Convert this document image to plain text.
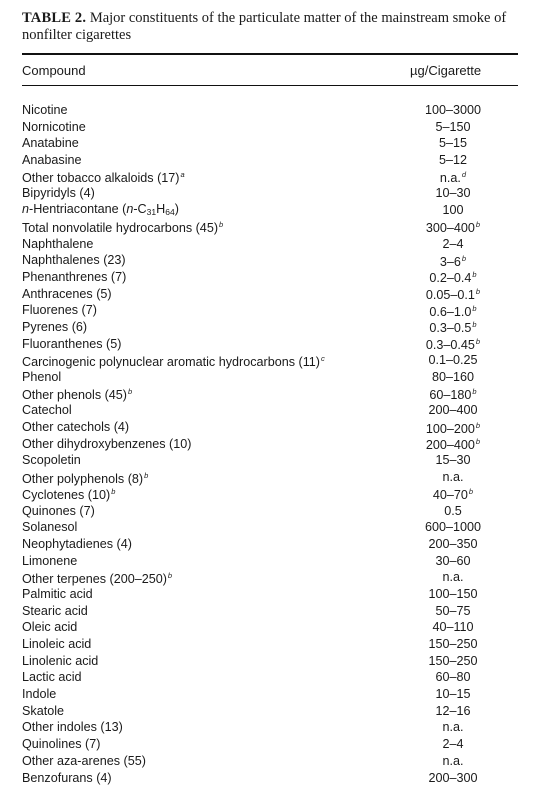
TABLE 2. Major constituents of the particulate matter of the mainstream smoke of nonfilter cigarettes

Compound	µg/Cigarette
Nicotine	100–3000
Nornicotine	5–150
Anatabine	5–15
Anabasine	5–12
Other tobacco alkaloids (17)$^a$	n.a.$^d$
Bipyridyls (4)	10–30
n-Hentriacontane $(n-C_{31}H_{64})$	100
Total nonvolatile hydrocarbons (45)$^b$	300–400$^b$
Naphthalene	2–4
Naphthalenes (23)	3–6$^b$
Phenanthrenes (7)	0.2–0.4$^b$
Anthracenes (5)	0.05–0.1$^b$
Fluorenes (7)	0.6–1.0$^b$
Pyrenes (6)	0.3–0.5$^b$
Fluoranthenes (5)	0.3–0.45$^b$
Carcinogenic polynuclear aromatic hydrocarbons (11)$^c$	0.1–0.25
Phenol	80–160
Other phenols (45)$^b$	60–180$^b$
Catechol	200–400
Other catechols (4)	100–200$^b$
Other dihydroxybenzenes (10)	200–400$^b$
Scopoletin	15–30
Other polyphenols (8)$^b$	n.a.
Cyclotenes (10)$^b$	40–70$^b$
Quinones (7)	0.5
Solanesol	600–1000
Neophytadienes (4)	200–350
Limonene	30–60
Other terpenes (200–250)$^b$	n.a.
Palmitic acid	100–150
Stearic acid	50–75
Oleic acid	40–110
Linoleic acid	150–250
Linolenic acid	150–250
Lactic acid	60–80
Indole	10–15
Skatole	12–16
Other indoles (13)	n.a.
Quinolines (7)	2–4
Other aza-arenes (55)	n.a.
Benzofurans (4)	200–300
